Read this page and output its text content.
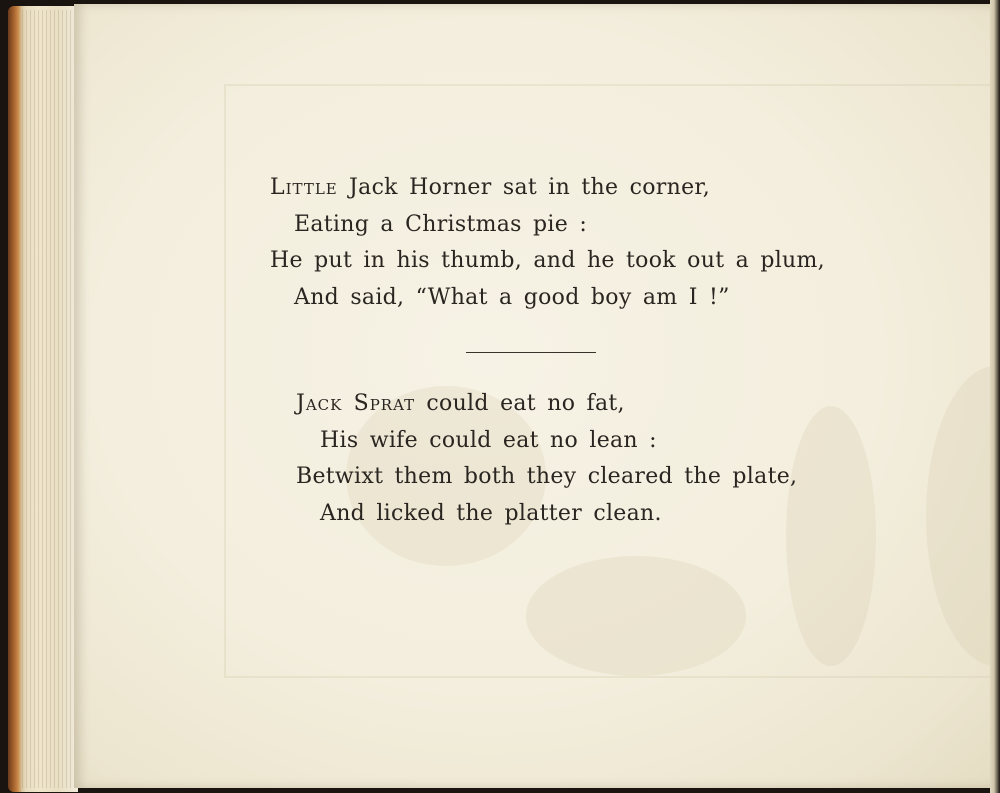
Little Jack Horner sat in the corner,
Eating a Christmas pie :
He put in his thumb, and he took out a plum,
And said, “What a good boy am I !”
Jack Sprat could eat no fat,
His wife could eat no lean :
Betwixt them both they cleared the plate,
And licked the platter clean.
